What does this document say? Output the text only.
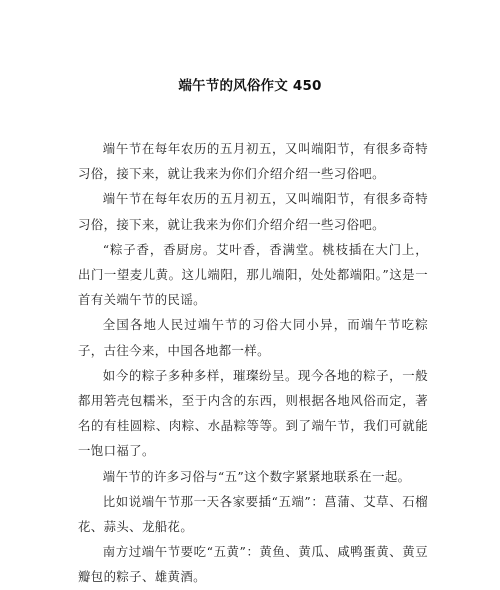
端午节的风俗作文 450

端午节在每年农历的五月初五，又叫端阳节，有很多奇特习俗，接下来，就让我来为你们介绍介绍一些习俗吧。

端午节在每年农历的五月初五，又叫端阳节，有很多奇特习俗，接下来，就让我来为你们介绍介绍一些习俗吧。

“粽子香，香厨房。艾叶香，香满堂。桃枝插在大门上，出门一望麦儿黄。这儿端阳，那儿端阳，处处都端阳。”这是一首有关端午节的民谣。

全国各地人民过端午节的习俗大同小异，而端午节吃粽子，古往今来，中国各地都一样。

如今的粽子多种多样，璀璨纷呈。现今各地的粽子，一般都用箬壳包糯米，至于内含的东西，则根据各地风俗而定，著名的有桂圆粽、肉粽、水晶粽等等。到了端午节，我们可就能一饱口福了。

端午节的许多习俗与“五”这个数字紧紧地联系在一起。

比如说端午节那一天各家要插“五端”：菖蒲、艾草、石榴花、蒜头、龙船花。

南方过端午节要吃“五黄”：黄鱼、黄瓜、咸鸭蛋黄、黄豆瓣包的粽子、雄黄酒。
